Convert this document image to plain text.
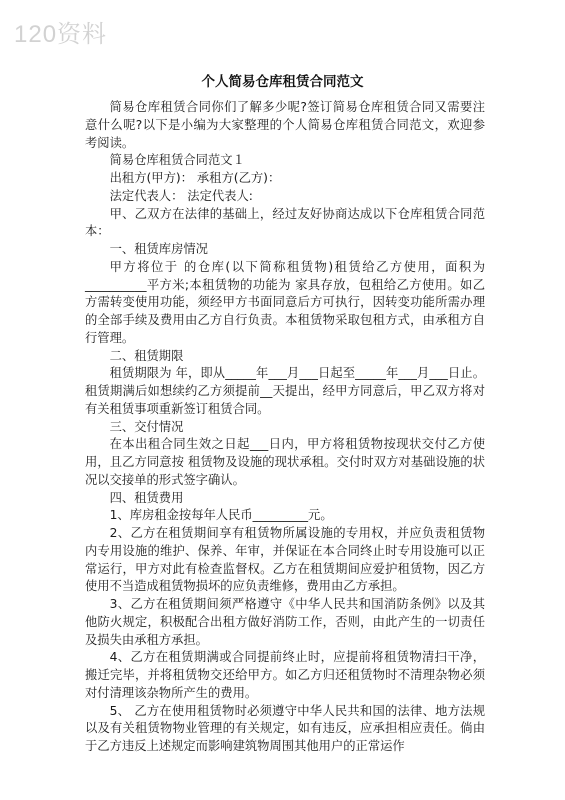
120资料
个人简易仓库租赁合同范文

简易仓库租赁合同你们了解多少呢?签订简易仓库租赁合同又需要注意什么呢?以下是小编为大家整理的个人简易仓库租赁合同范文，欢迎参考阅读。

简易仓库租赁合同范文１

出租方(甲方)： 承租方(乙方)：

法定代表人： 法定代表人:

甲、乙双方在法律的基础上，经过友好协商达成以下仓库租赁合同范本：

一、租赁库房情况

甲方将位于 的仓库(以下简称租赁物)租赁给乙方使用，面积为__________平方米;本租赁物的功能为 家具存放，包租给乙方使用。如乙方需转变使用功能，须经甲方书面同意后方可执行，因转变功能所需办理的全部手续及费用由乙方自行负责。本租赁物采取包租方式，由承租方自行管理。

二、租赁期限

租赁期限为 年，即从_____年___月___日起至_____年___月___日止。租赁期满后如想续约乙方须提前__天提出，经甲方同意后，甲乙双方将对有关租赁事项重新签订租赁合同。

三、交付情况

在本出租合同生效之日起___日内，甲方将租赁物按现状交付乙方使用，且乙方同意按 租赁物及设施的现状承租。交付时双方对基础设施的状况以交接单的形式签字确认。

四、租赁费用

1、库房租金按每年人民币_________元。

2、乙方在租赁期间享有租赁物所属设施的专用权，并应负责租赁物内专用设施的维护、保养、年审，并保证在本合同终止时专用设施可以正常运行，甲方对此有检查监督权。乙方在租赁期间应爱护租赁物，因乙方使用不当造成租赁物损坏的应负责维修，费用由乙方承担。

3、乙方在租赁期间须严格遵守《中华人民共和国消防条例》以及其他防火规定，积极配合出租方做好消防工作，否则，由此产生的一切责任及损失由承租方承担。

4、乙方在租赁期满或合同提前终止时，应提前将租赁物清扫干净，搬迁完毕，并将租赁物交还给甲方。如乙方归还租赁物时不清理杂物必须对付清理该杂物所产生的费用。

5、 乙方在使用租赁物时必须遵守中华人民共和国的法律、地方法规以及有关租赁物物业管理的有关规定，如有违反，应承担相应责任。倘由于乙方违反上述规定而影响建筑物周围其他用户的正常运作
